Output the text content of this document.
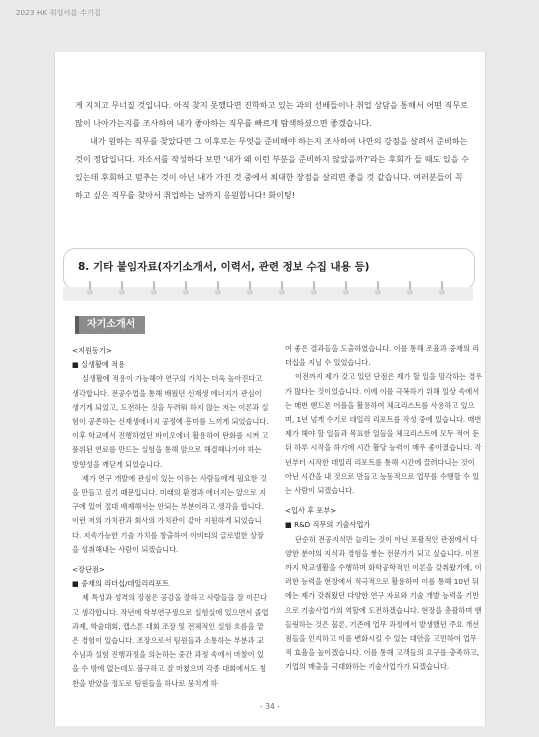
2023 HK 취업이름 수기집

게 지치고 무너질 것입니다. 아직 찾지 못했다면 진학하고 있는 과의 선배들이나 취업 상담을 통해서 어떤 직무로 많이 나아가는지를 조사하여 내가 좋아하는 직무를 빠르게 탐색하셨으면 좋겠습니다.

내가 원하는 직무를 찾았다면 그 이후로는 무엇을 준비해야 하는지 조사하여 나만의 강점을 살려서 준비하는 것이 정답입니다. 자소서를 작성하다 보면 '내가 왜 이런 부분을 준비하지 않았을까?'라는 후회가 들 때도 있을 수 있는데 후회하고 멈추는 것이 아닌 내가 가진 것 중에서 최대한 장점을 살리면 좋을 것 같습니다. 여러분들이 꼭 하고 싶은 직무를 찾아서 취업하는 날까지 응원합니다! 화이팅!

8. 기타 붙임자료(자기소개서, 이력서, 관련 정보 수집 내용 등)
자기소개서

<지원동기>

■ 실생활에 적용

실생활에 적용이 가능해야 연구의 가치는 더욱 높아진다고 생각합니다. 전공수업을 통해 배웠던 신재생 에너지가 관심이 생기게 되었고, 도전하는 것을 두려워 하지 않는 저는 이론과 실험이 공존하는 신재생에너지 공정에 흥미를 느끼게 되었습니다. 이후 학교에서 진행하였던 바이오에너 활용하여 탄화를 시켜 고품위된 연료를 만드는 실험을 통해 앞으로 해결해나가야 하는 방향성을 깨닫게 되었습니다.

제가 연구 개발에 관심이 있는 이유는 사람들에게 필요한 것을 만들고 싶기 때문입니다. 미래의 환경과 에너지는 앞으로 지구에 있어 절대 배제해서는 안되는 부분이라고 생각을 합니다. 이런 저의 가치관과 회사의 가치관이 같아 지원하게 되었습니다. 지속가능한 기술 가치를 창출하여 이비티의 글로벌한 상장을 성취해내는 사람이 되겠습니다.

<장단점>

■ 중재의 리더십/데일리리포트

제 특성과 성격의 장점은 공감을 잘하고 사람들을 잘 이끈다고 생각합니다. 작년에 학부연구생으로 실험실에 있으면서 졸업과제, 학술대회, 캡스톤 대회 조장 및 전체적인 실험 흐름을 맡은 경험이 있습니다. 조장으로서 팀원들과 소통하는 부분과 교수님과 실험 진행과정을 의논하는 중간 과정 속에서 마찰이 있을 수 밖에 없는데도 불구하고 잘 마쳤으며 각종 대회에서도 칭찬을 받았을 정도로 팀원들을 하나로 뭉치게 하

여 좋은 결과들을 도출하였습니다. 이를 통해 조율과 중재의 리더십을 지닐 수 있었습니다.

이전까지 제가 갖고 있던 단점은 제가 할 일을 망각하는 경우가 많다는 것이었습니다. 이에 이를 극복하기 위해 일상 속에서는 매번 핸드폰 어플을 활용하여 체크리스트를 사용하고 있으며, 1년 넘게 수기로 데일리 리포트를 작성 중에 있습니다. 매번 제가 해야 할 일들과 목표한 일들을 체크리스트에 모두 적어 둔 뒤 하루 시작을 하기에 시간 활당 능력이 매우 좋아졌습니다. 작년부터 시작한 데일리 리포트를 통해 시간에 끌려다니는 것이 아닌 시간을 내 것으로 만들고 능동적으로 업무를 수행할 수 있는 사람이 되겠습니다.

<입사 후 포부>

■ R&D 직무의 기술사업가

단순히 전공지식만 늘리는 것이 아닌 포괄적인 관점에서 다양한 분야의 지식과 경험을 쌓는 전문가가 되고 싶습니다. 이전까지 학교생활을 수행하며 화학공학적인 이론을 갖춰왔기에, 이러한 능력을 현장에서 적극적으로 활용하여 이를 통해 10년 뒤에는 제가 갖춰왔던 다양한 연구 자료와 기술 개발 능력을 기반으로 기술사업가의 역할에 도전하겠습니다. 현장을 총괄하며 핸들링하는 것은 물론, 기존에 업무 과정에서 발생했던 주요 개선점들을 인지하고 이를 변화시킬 수 있는 대안을 고민하여 업무적 효율을 높이겠습니다. 이를 통해 고객들의 요구를 충족하고, 기업의 매출을 극대화하는 기술사업가가 되겠습니다.

- 34 -
